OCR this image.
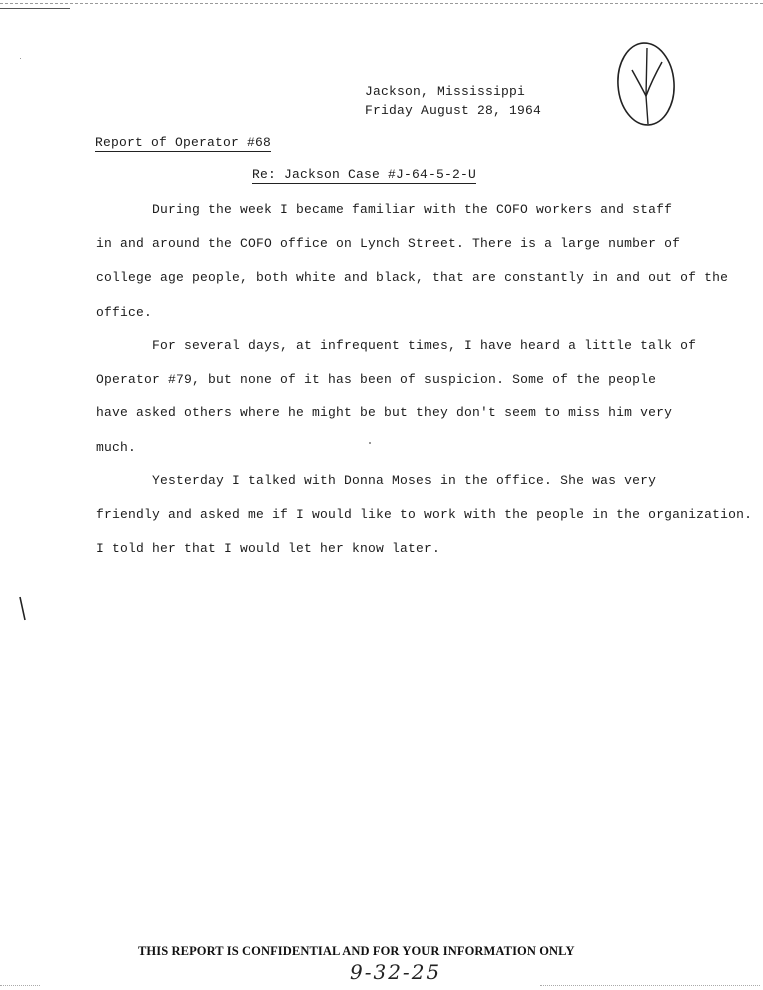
Jackson, Mississippi
Friday August 28, 1964
Report of Operator #68
Re: Jackson Case #J-64-5-2-U
During the week I became familiar with the COFO workers and staff
in and around the COFO office on Lynch Street. There is a large number of
college age people, both white and black, that are constantly in and out of the
office.
For several days, at infrequent times, I have heard a little talk of
Operator #79, but none of it has been of suspicion. Some of the people
have asked others where he might be but they don't seem to miss him very
much.
Yesterday I talked with Donna Moses in the office. She was very
friendly and asked me if I would like to work with the people in the organization.
I told her that I would let her know later.
THIS REPORT IS CONFIDENTIAL AND FOR YOUR INFORMATION ONLY
9-32-25
